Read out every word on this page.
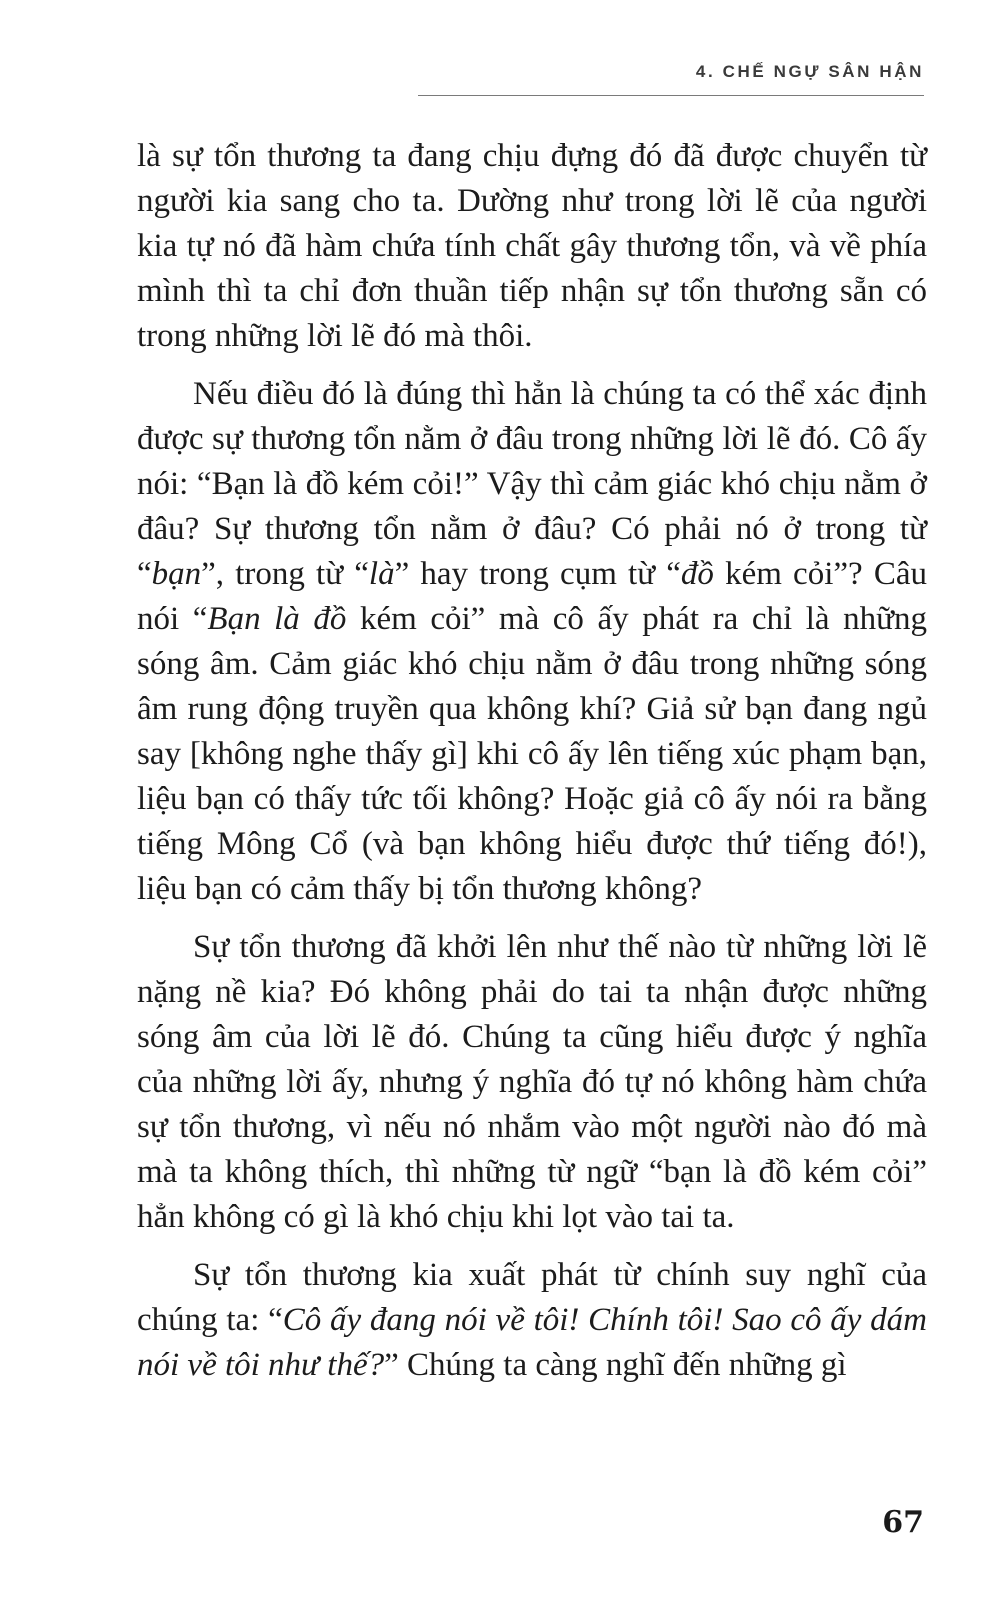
4. CHẾ NGỰ SÂN HẬN

là sự tổn thương ta đang chịu đựng đó đã được chuyển từ người kia sang cho ta. Dường như trong lời lẽ của người kia tự nó đã hàm chứa tính chất gây thương tổn, và về phía mình thì ta chỉ đơn thuần tiếp nhận sự tổn thương sẵn có trong những lời lẽ đó mà thôi.

Nếu điều đó là đúng thì hẳn là chúng ta có thể xác định được sự thương tổn nằm ở đâu trong những lời lẽ đó. Cô ấy nói: “Bạn là đồ kém cỏi!” Vậy thì cảm giác khó chịu nằm ở đâu? Sự thương tổn nằm ở đâu? Có phải nó ở trong từ “bạn”, trong từ “là” hay trong cụm từ “đồ kém cỏi”? Câu nói “Bạn là đồ kém cỏi” mà cô ấy phát ra chỉ là những sóng âm. Cảm giác khó chịu nằm ở đâu trong những sóng âm rung động truyền qua không khí? Giả sử bạn đang ngủ say [không nghe thấy gì] khi cô ấy lên tiếng xúc phạm bạn, liệu bạn có thấy tức tối không? Hoặc giả cô ấy nói ra bằng tiếng Mông Cổ (và bạn không hiểu được thứ tiếng đó!), liệu bạn có cảm thấy bị tổn thương không?

Sự tổn thương đã khởi lên như thế nào từ những lời lẽ nặng nề kia? Đó không phải do tai ta nhận được những sóng âm của lời lẽ đó. Chúng ta cũng hiểu được ý nghĩa của những lời ấy, nhưng ý nghĩa đó tự nó không hàm chứa sự tổn thương, vì nếu nó nhắm vào một người nào đó mà mà ta không thích, thì những từ ngữ “bạn là đồ kém cỏi” hẳn không có gì là khó chịu khi lọt vào tai ta.

Sự tổn thương kia xuất phát từ chính suy nghĩ của chúng ta: “Cô ấy đang nói về tôi! Chính tôi! Sao cô ấy dám nói về tôi như thế?” Chúng ta càng nghĩ đến những gì

67
